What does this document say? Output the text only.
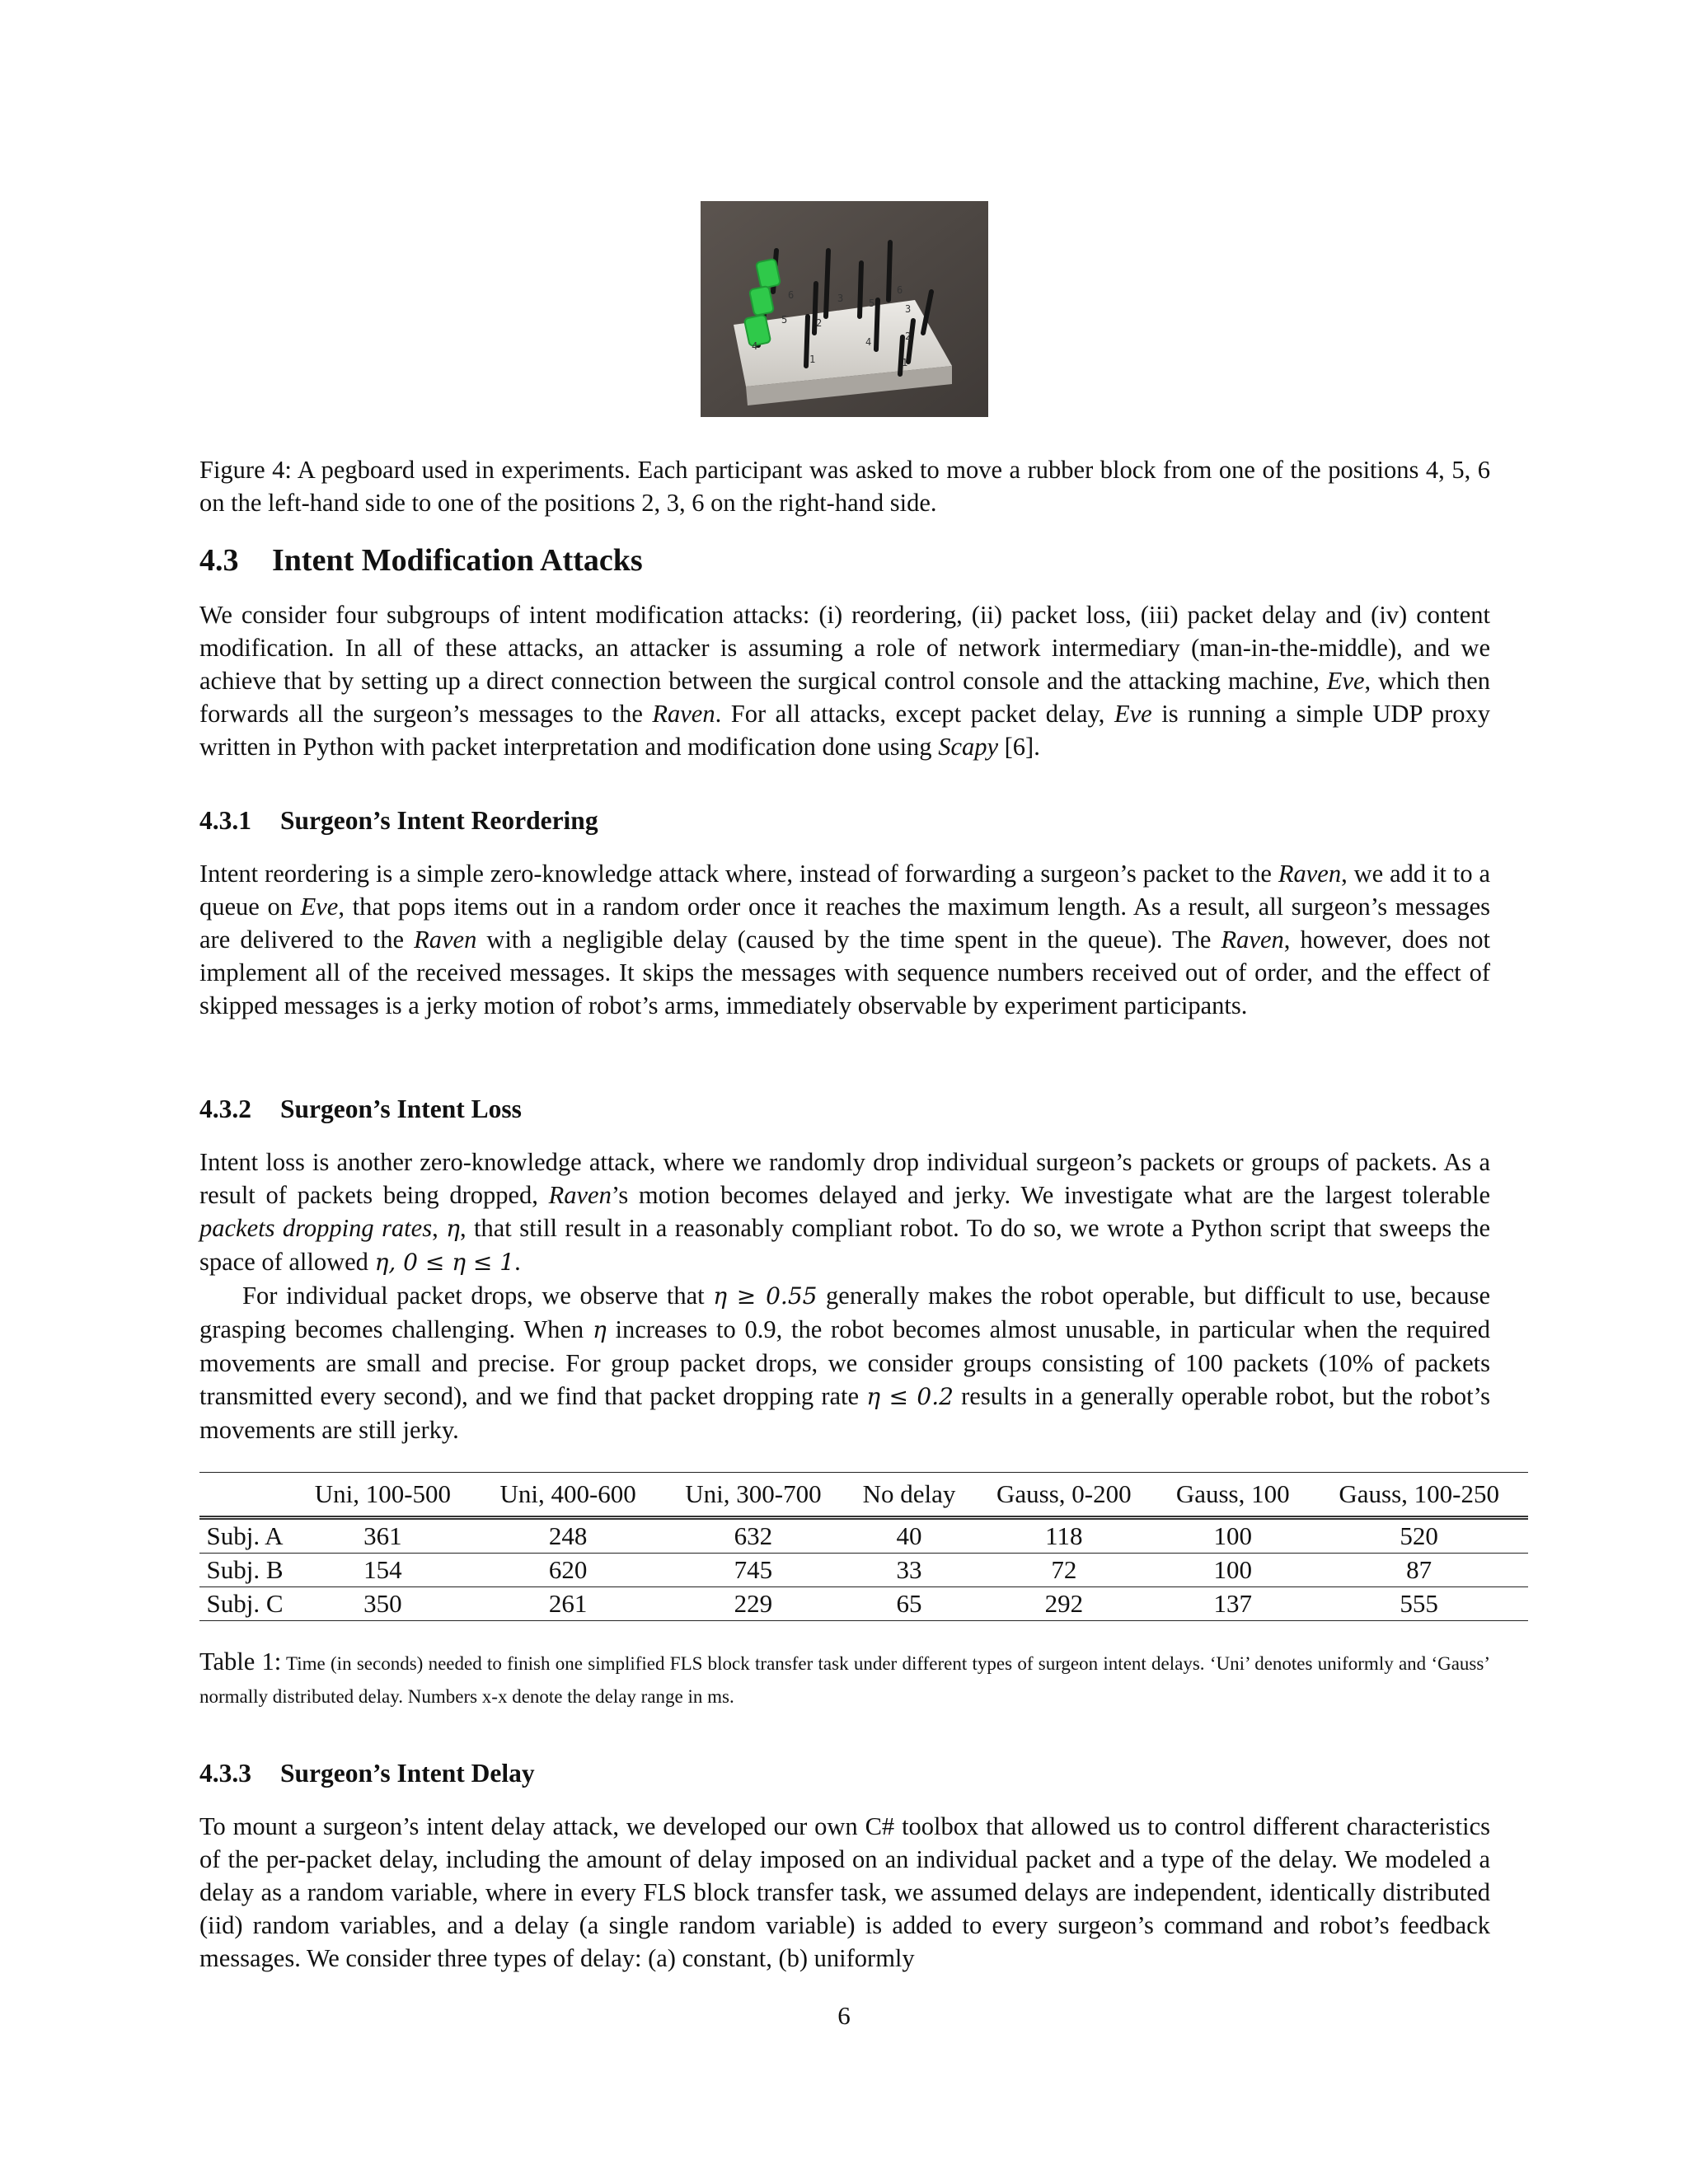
4
5
6
1
2
3
4
5
6
1
2
3

Figure 4: A pegboard used in experiments. Each participant was asked to move a rubber block from one of the positions 4, 5, 6 on the left-hand side to one of the positions 2, 3, 6 on the right-hand side.

4.3 Intent Modification Attacks

We consider four subgroups of intent modification attacks: (i) reordering, (ii) packet loss, (iii) packet delay and (iv) content modification. In all of these attacks, an attacker is assuming a role of network intermediary (man-in-the-middle), and we achieve that by setting up a direct connection between the surgical control console and the attacking machine, Eve, which then forwards all the surgeon’s messages to the Raven. For all attacks, except packet delay, Eve is running a simple UDP proxy written in Python with packet interpretation and modification done using Scapy [6].

4.3.1 Surgeon’s Intent Reordering

Intent reordering is a simple zero-knowledge attack where, instead of forwarding a surgeon’s packet to the Raven, we add it to a queue on Eve, that pops items out in a random order once it reaches the maximum length. As a result, all surgeon’s messages are delivered to the Raven with a negligible delay (caused by the time spent in the queue). The Raven, however, does not implement all of the received messages. It skips the messages with sequence numbers received out of order, and the effect of skipped messages is a jerky motion of robot’s arms, immediately observable by experiment participants.

4.3.2 Surgeon’s Intent Loss

Intent loss is another zero-knowledge attack, where we randomly drop individual surgeon’s packets or groups of packets. As a result of packets being dropped, Raven’s motion becomes delayed and jerky. We investigate what are the largest tolerable packets dropping rates, η, that still result in a reasonably compliant robot. To do so, we wrote a Python script that sweeps the space of allowed η, 0 ≤ η ≤ 1.

For individual packet drops, we observe that η ≥ 0.55 generally makes the robot operable, but difficult to use, because grasping becomes challenging. When η increases to 0.9, the robot becomes almost unusable, in particular when the required movements are small and precise. For group packet drops, we consider groups consisting of 100 packets (10% of packets transmitted every second), and we find that packet dropping rate η ≤ 0.2 results in a generally operable robot, but the robot’s movements are still jerky.

	Uni, 100-500	Uni, 400-600	Uni, 300-700	No delay	Gauss, 0-200	Gauss, 100	Gauss, 100-250
Subj. A	361	248	632	40	118	100	520
Subj. B	154	620	745	33	72	100	87
Subj. C	350	261	229	65	292	137	555

Table 1: Time (in seconds) needed to finish one simplified FLS block transfer task under different types of surgeon intent delays. ‘Uni’ denotes uniformly and ‘Gauss’ normally distributed delay. Numbers x-x denote the delay range in ms.

4.3.3 Surgeon’s Intent Delay

To mount a surgeon’s intent delay attack, we developed our own C# toolbox that allowed us to control different characteristics of the per-packet delay, including the amount of delay imposed on an individual packet and a type of the delay. We modeled a delay as a random variable, where in every FLS block transfer task, we assumed delays are independent, identically distributed (iid) random variables, and a delay (a single random variable) is added to every surgeon’s command and robot’s feedback messages. We consider three types of delay: (a) constant, (b) uniformly

6
